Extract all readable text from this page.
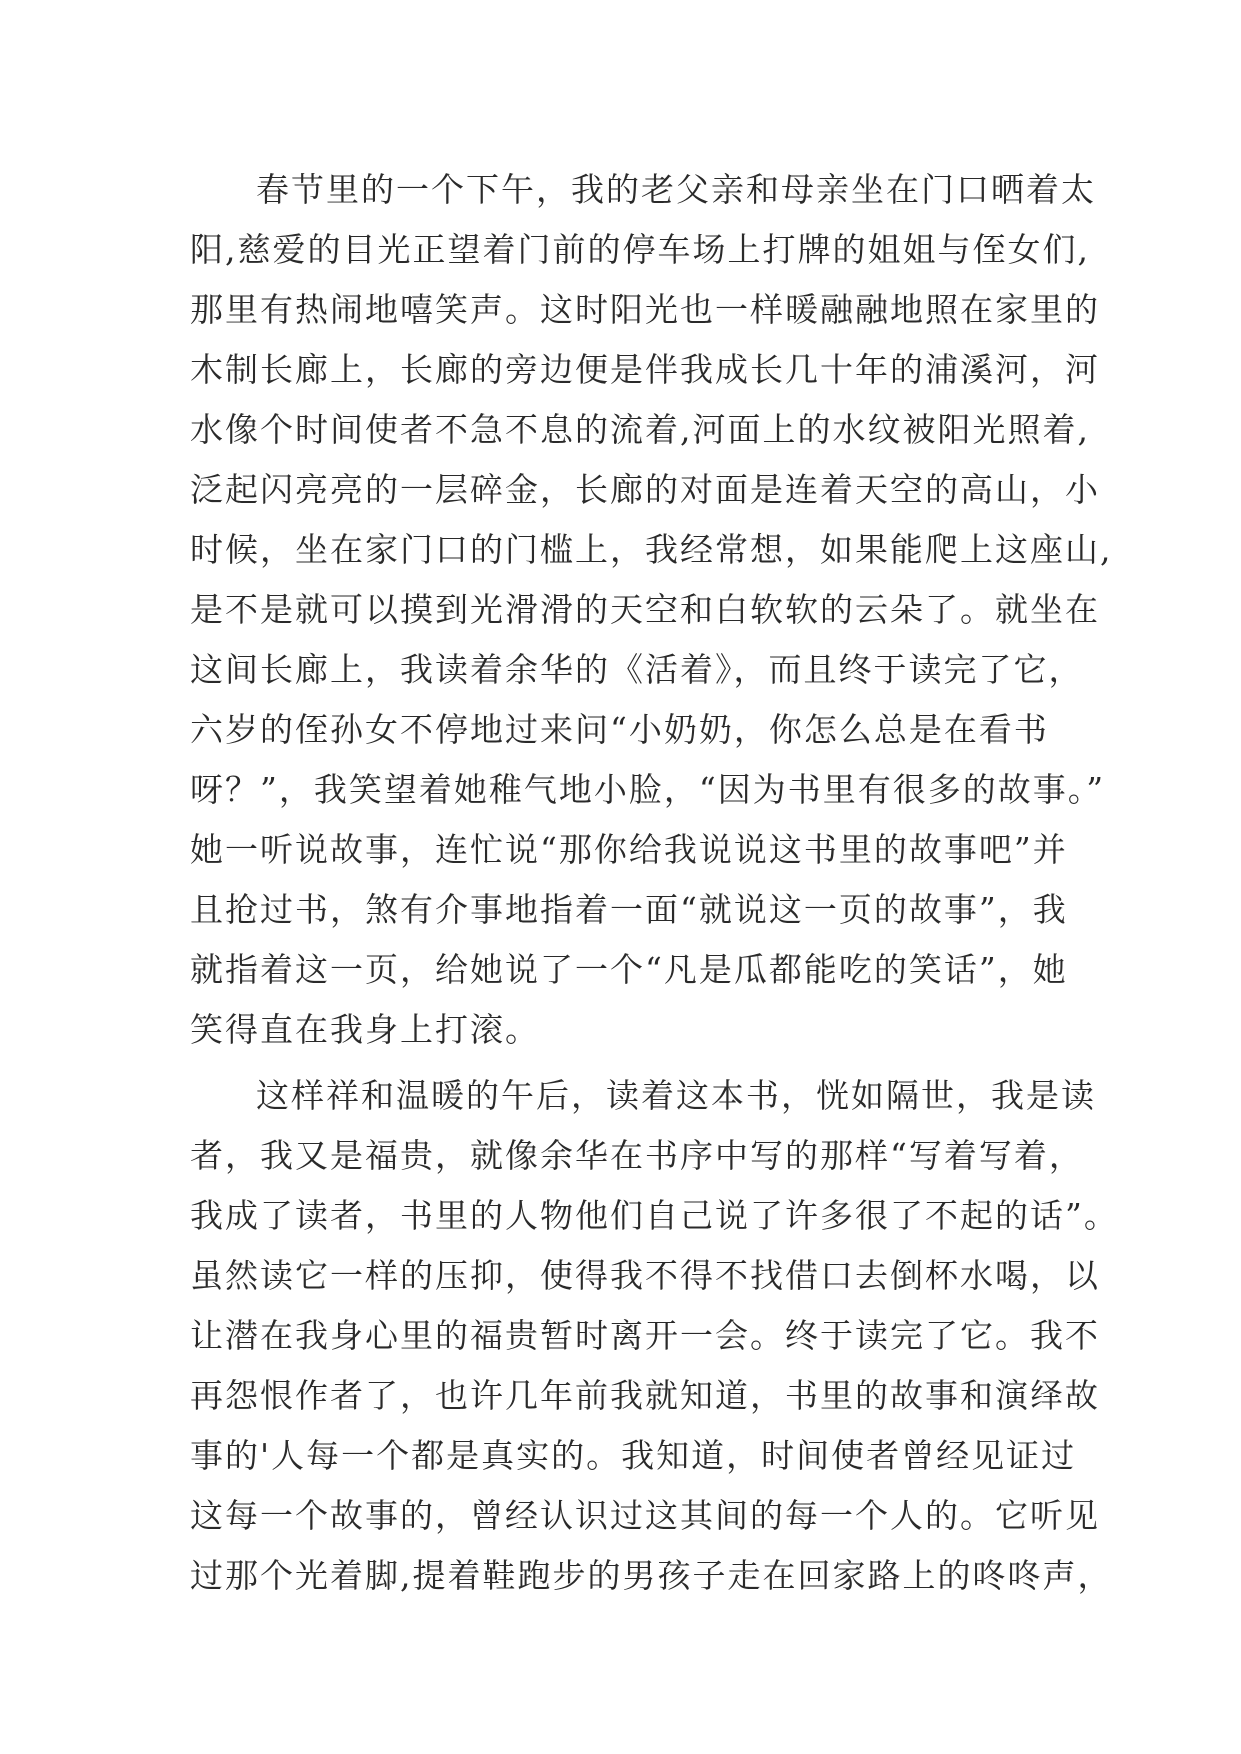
春节里的一个下午，我的老父亲和母亲坐在门口晒着太
阳,慈爱的目光正望着门前的停车场上打牌的姐姐与侄女们,
那里有热闹地嘻笑声。这时阳光也一样暖融融地照在家里的
木制长廊上，长廊的旁边便是伴我成长几十年的浦溪河，河
水像个时间使者不急不息的流着,河面上的水纹被阳光照着,
泛起闪亮亮的一层碎金，长廊的对面是连着天空的高山，小
时候，坐在家门口的门槛上，我经常想，如果能爬上这座山,
是不是就可以摸到光滑滑的天空和白软软的云朵了。就坐在
这间长廊上，我读着余华的《活着》，而且终于读完了它，
六岁的侄孙女不停地过来问“小奶奶，你怎么总是在看书
呀？”，我笑望着她稚气地小脸，“因为书里有很多的故事。”
她一听说故事，连忙说“那你给我说说这书里的故事吧”并
且抢过书，煞有介事地指着一面“就说这一页的故事”，我
就指着这一页，给她说了一个“凡是瓜都能吃的笑话”，她
笑得直在我身上打滚。
这样祥和温暖的午后，读着这本书，恍如隔世，我是读
者，我又是福贵，就像余华在书序中写的那样“写着写着，
我成了读者，书里的人物他们自己说了许多很了不起的话”。
虽然读它一样的压抑，使得我不得不找借口去倒杯水喝，以
让潜在我身心里的福贵暂时离开一会。终于读完了它。我不
再怨恨作者了，也许几年前我就知道，书里的故事和演绎故
事的'人每一个都是真实的。我知道，时间使者曾经见证过
这每一个故事的，曾经认识过这其间的每一个人的。它听见
过那个光着脚,提着鞋跑步的男孩子走在回家路上的咚咚声，
